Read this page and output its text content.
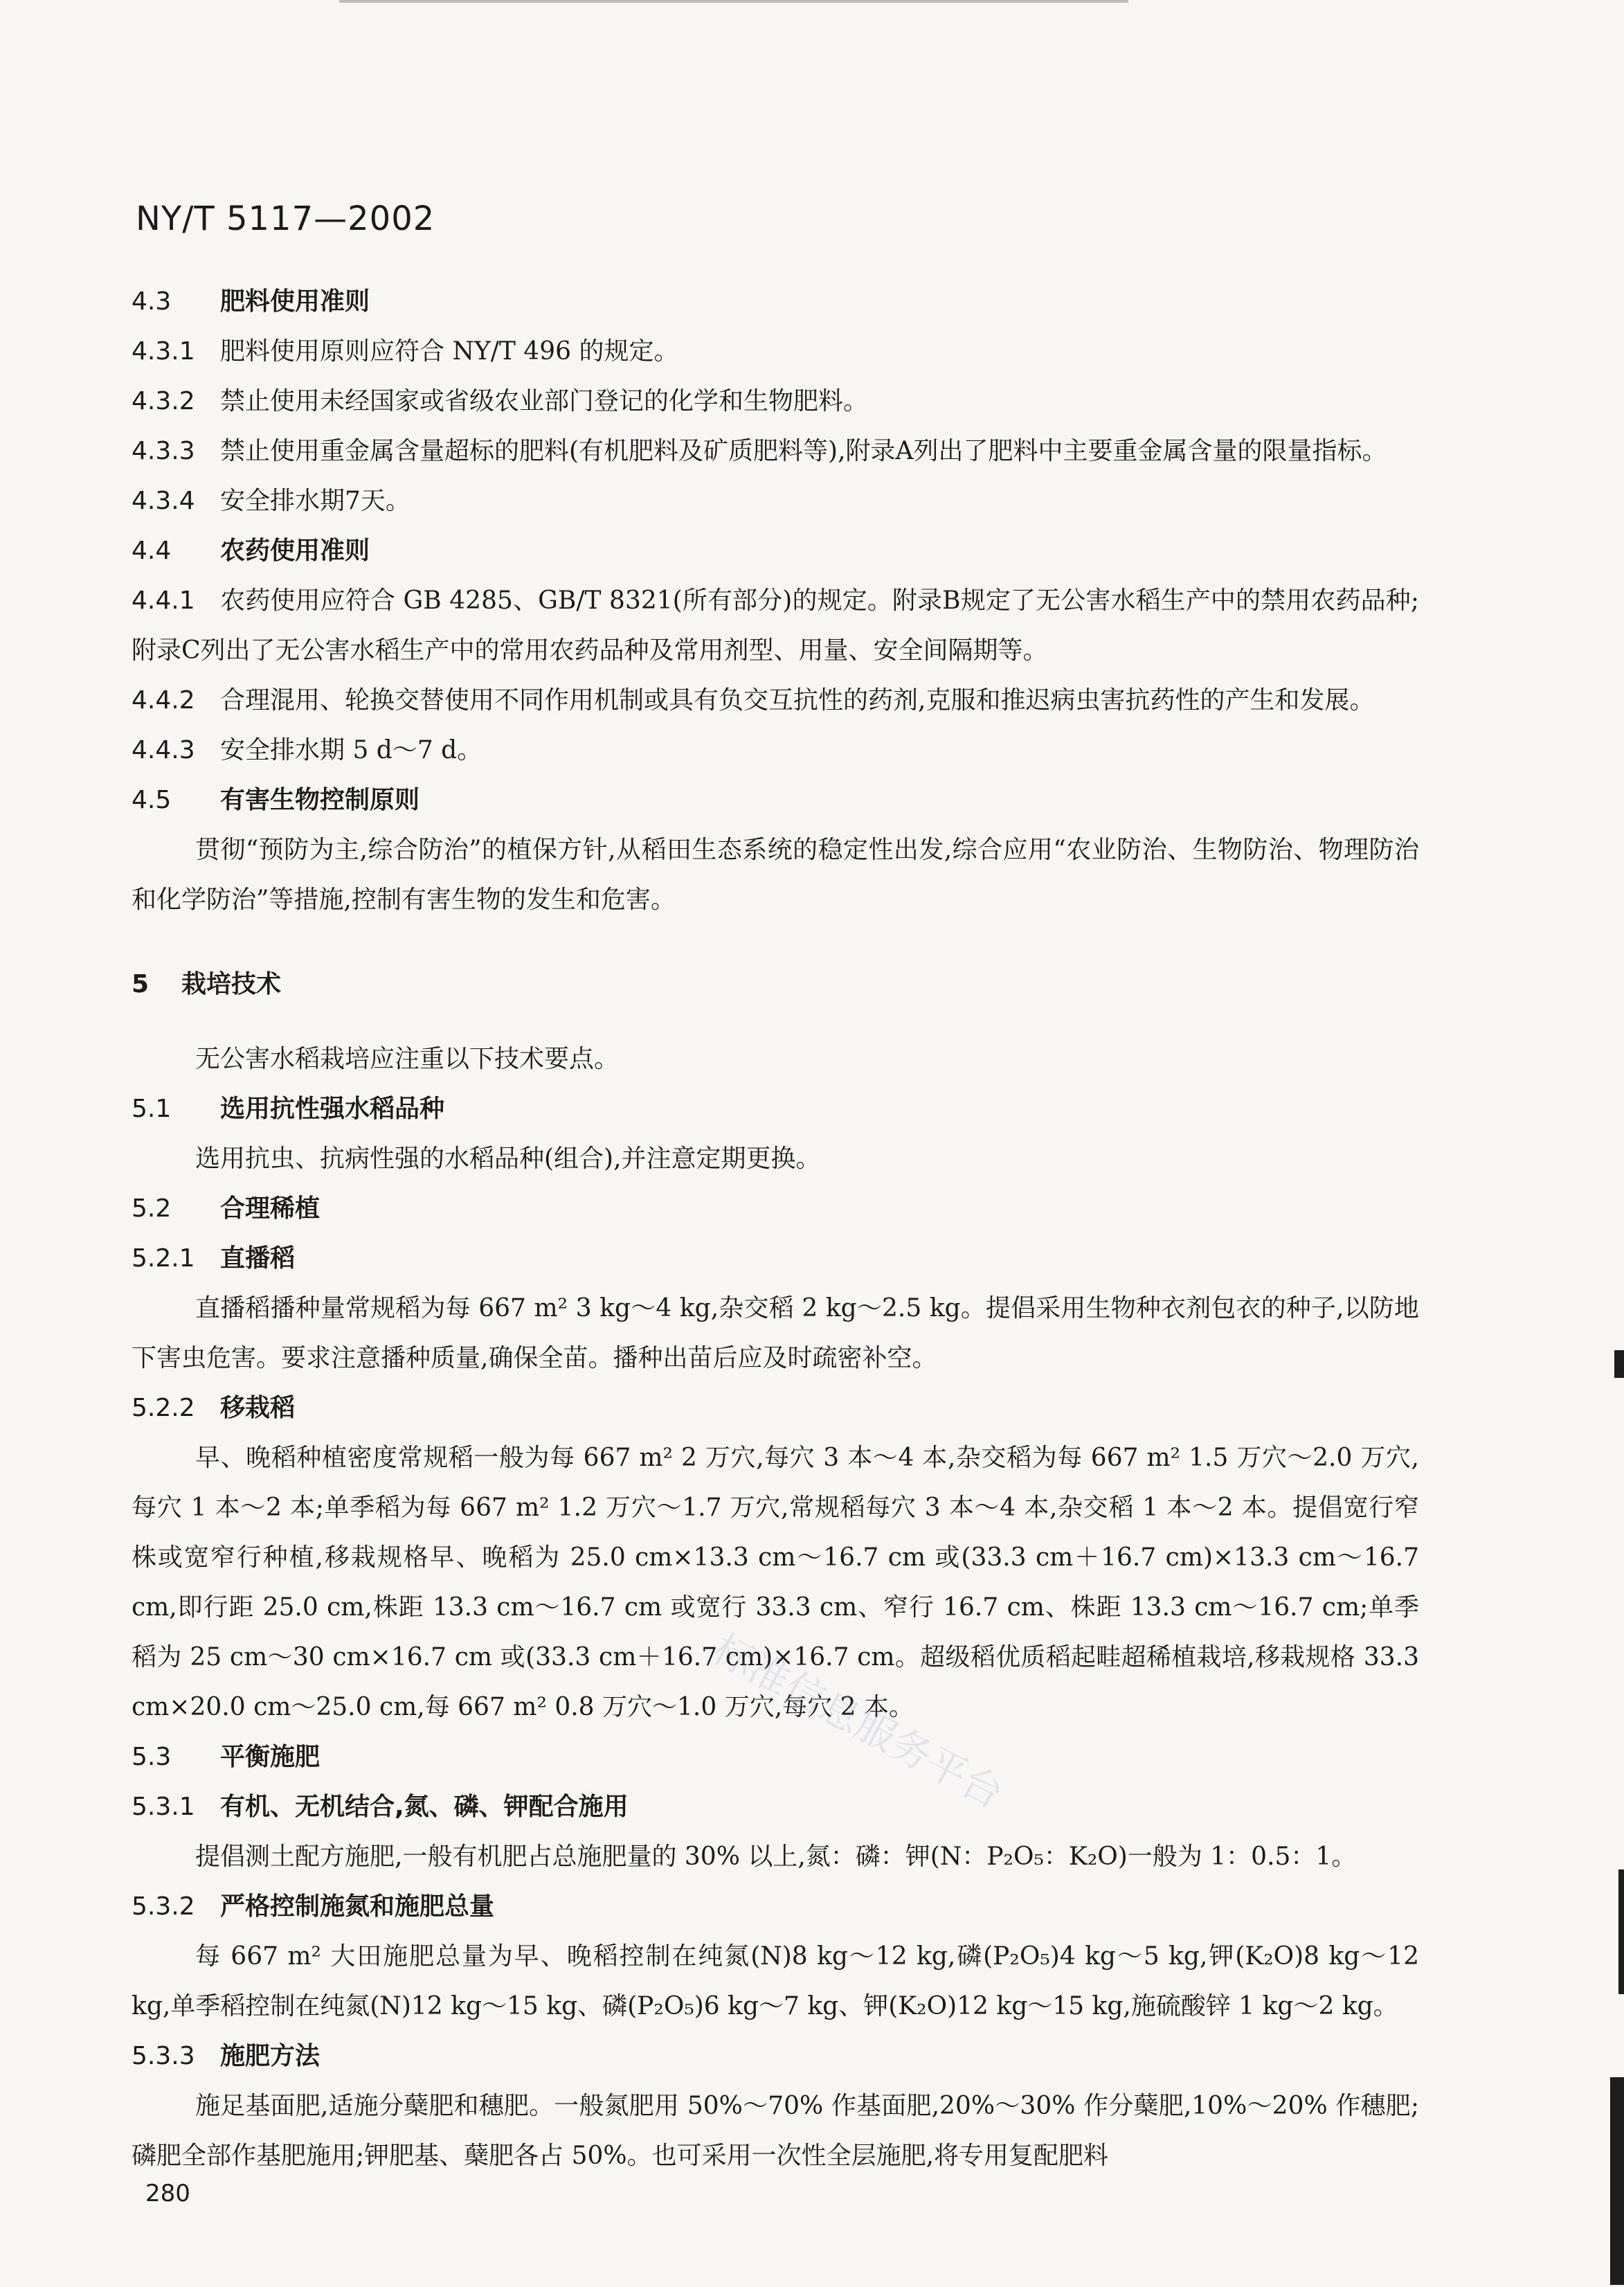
NY/T 5117—2002
4.3	肥料使用准则

4.3.1 肥料使用原则应符合 NY/T 496 的规定。

4.3.2 禁止使用未经国家或省级农业部门登记的化学和生物肥料。

4.3.3 禁止使用重金属含量超标的肥料(有机肥料及矿质肥料等),附录A列出了肥料中主要重金属含量的限量指标。

4.3.4 安全排水期7天。

4.4	农药使用准则

4.4.1 农药使用应符合 GB 4285、GB/T 8321(所有部分)的规定。附录B规定了无公害水稻生产中的禁用农药品种;附录C列出了无公害水稻生产中的常用农药品种及常用剂型、用量、安全间隔期等。

4.4.2 合理混用、轮换交替使用不同作用机制或具有负交互抗性的药剂,克服和推迟病虫害抗药性的产生和发展。

4.4.3 安全排水期 5 d～7 d。

4.5	有害生物控制原则

贯彻“预防为主,综合防治”的植保方针,从稻田生态系统的稳定性出发,综合应用“农业防治、生物防治、物理防治和化学防治”等措施,控制有害生物的发生和危害。

5	栽培技术

无公害水稻栽培应注重以下技术要点。

5.1	选用抗性强水稻品种

选用抗虫、抗病性强的水稻品种(组合),并注意定期更换。

5.2	合理稀植
5.2.1	直播稻

直播稻播种量常规稻为每 667 m² 3 kg～4 kg,杂交稻 2 kg～2.5 kg。提倡采用生物种衣剂包衣的种子,以防地下害虫危害。要求注意播种质量,确保全苗。播种出苗后应及时疏密补空。

5.2.2	移栽稻

早、晚稻种植密度常规稻一般为每 667 m² 2 万穴,每穴 3 本～4 本,杂交稻为每 667 m² 1.5 万穴～2.0 万穴,每穴 1 本～2 本;单季稻为每 667 m² 1.2 万穴～1.7 万穴,常规稻每穴 3 本～4 本,杂交稻 1 本～2 本。提倡宽行窄株或宽窄行种植,移栽规格早、晚稻为 25.0 cm×13.3 cm～16.7 cm 或(33.3 cm＋16.7 cm)×13.3 cm～16.7 cm,即行距 25.0 cm,株距 13.3 cm～16.7 cm 或宽行 33.3 cm、窄行 16.7 cm、株距 13.3 cm～16.7 cm;单季稻为 25 cm～30 cm×16.7 cm 或(33.3 cm＋16.7 cm)×16.7 cm。超级稻优质稻起畦超稀植栽培,移栽规格 33.3 cm×20.0 cm～25.0 cm,每 667 m² 0.8 万穴～1.0 万穴,每穴 2 本。

5.3	平衡施肥
5.3.1	有机、无机结合,氮、磷、钾配合施用

提倡测土配方施肥,一般有机肥占总施肥量的 30% 以上,氮：磷：钾(N：P₂O₅：K₂O)一般为 1：0.5：1。

5.3.2	严格控制施氮和施肥总量

每 667 m² 大田施肥总量为早、晚稻控制在纯氮(N)8 kg～12 kg,磷(P₂O₅)4 kg～5 kg,钾(K₂O)8 kg～12 kg,单季稻控制在纯氮(N)12 kg～15 kg、磷(P₂O₅)6 kg～7 kg、钾(K₂O)12 kg～15 kg,施硫酸锌 1 kg～2 kg。

5.3.3	施肥方法

施足基面肥,适施分蘖肥和穗肥。一般氮肥用 50%～70% 作基面肥,20%～30% 作分蘖肥,10%～20% 作穗肥;磷肥全部作基肥施用;钾肥基、蘖肥各占 50%。也可采用一次性全层施肥,将专用复配肥料

标准信息服务平台
280
